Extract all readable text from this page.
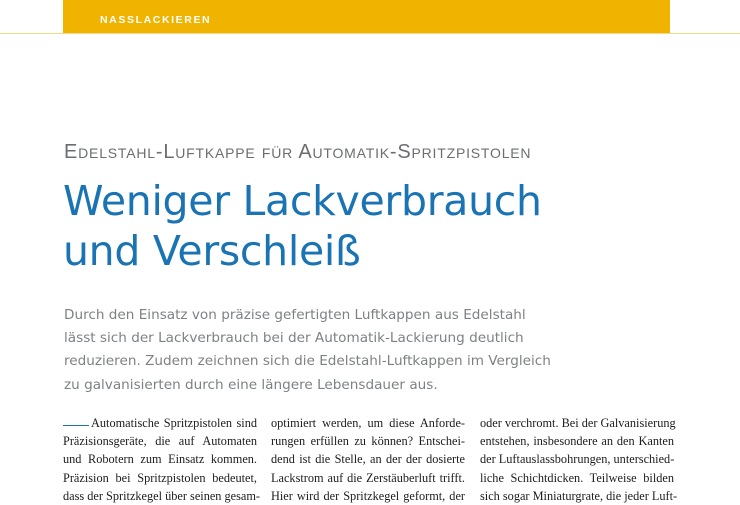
NASSLACKIEREN
Edelstahl-Luftkappe für Automatik-Spritzpistolen
Weniger Lackverbrauch
und Verschleiß
Durch den Einsatz von präzise gefertigten Luftkappen aus Edelstahl
lässt sich der Lackverbrauch bei der Automatik-Lackierung deutlich
reduzieren. Zudem zeichnen sich die Edelstahl-Luftkappen im Vergleich
zu galvanisierten durch eine längere Lebensdauer aus.
Automatische Spritzpistolen sind
Präzisionsgeräte, die auf Automaten
und Robotern zum Einsatz kommen.
Präzision bei Spritzpistolen bedeutet,
dass der Spritzkegel über seinen gesam-
optimiert werden, um diese Anforde-
rungen erfüllen zu können? Entschei-
dend ist die Stelle, an der der dosierte
Lackstrom auf die Zerstäuberluft trifft.
Hier wird der Spritzkegel geformt, der
oder verchromt. Bei der Galvanisierung
entstehen, insbesondere an den Kanten
der Luftauslassbohrungen, unterschied-
liche Schichtdicken. Teilweise bilden
sich sogar Miniaturgrate, die jeder Luft-
